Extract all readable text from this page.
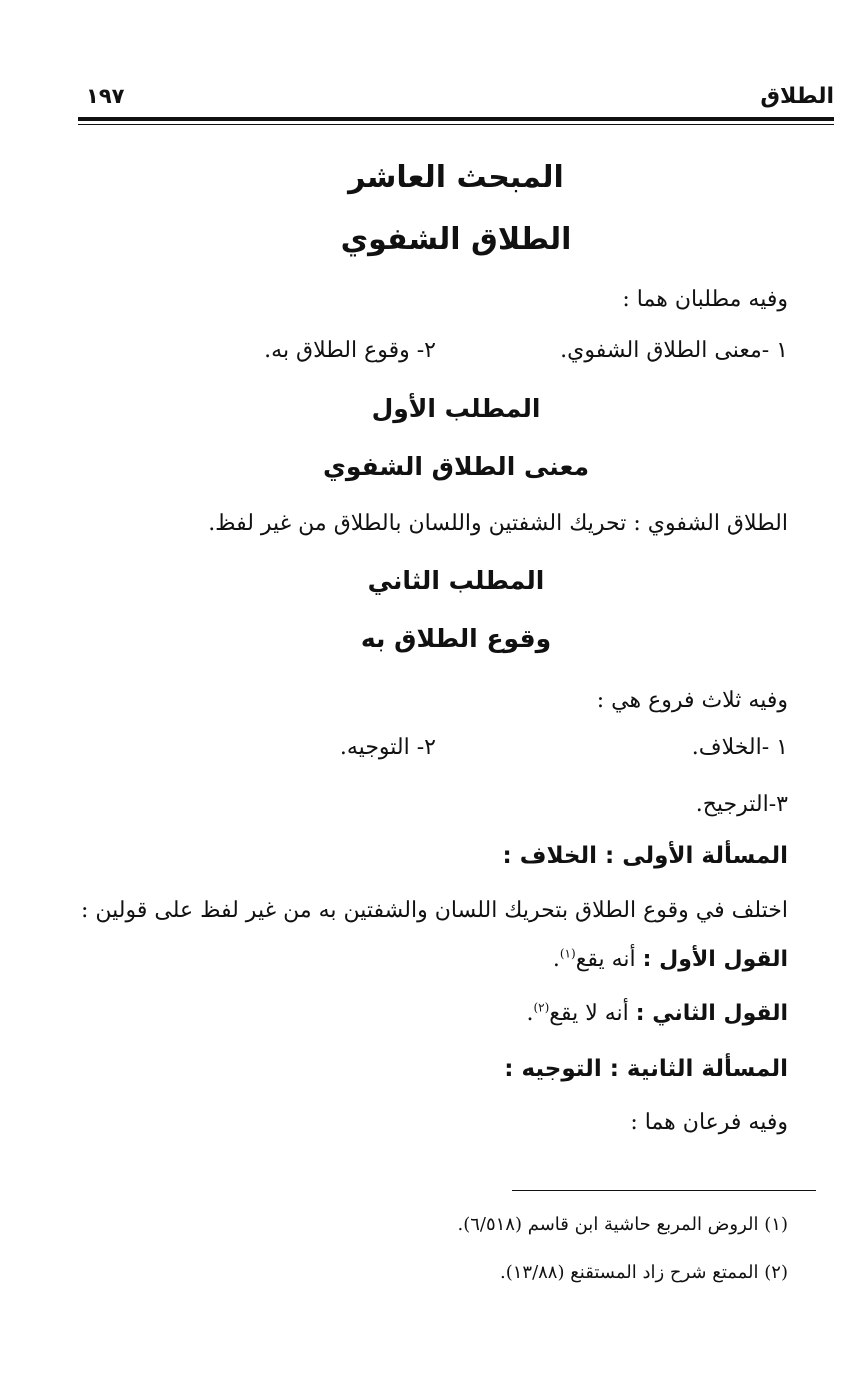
الطلاق
١٩٧
المبحث العاشر
الطلاق الشفوي
وفيه مطلبان هما :
١ -معنى الطلاق الشفوي.
٢- وقوع الطلاق به.
المطلب الأول
معنى الطلاق الشفوي
الطلاق الشفوي : تحريك الشفتين واللسان بالطلاق من غير لفظ.
المطلب الثاني
وقوع الطلاق به
وفيه ثلاث فروع هي :
١ -الخلاف.
٢- التوجيه.
٣-الترجيح.
المسألة الأولى : الخلاف :
اختلف في وقوع الطلاق بتحريك اللسان والشفتين به من غير لفظ على قولين :
القول الأول : أنه يقع$^{(١)}$.
القول الثاني : أنه لا يقع$^{(٢)}$.
المسألة الثانية : التوجيه :
وفيه فرعان هما :
(١) الروض المربع حاشية ابن قاسم (٦/٥١٨).
(٢) الممتع شرح زاد المستقنع (١٣/٨٨).
